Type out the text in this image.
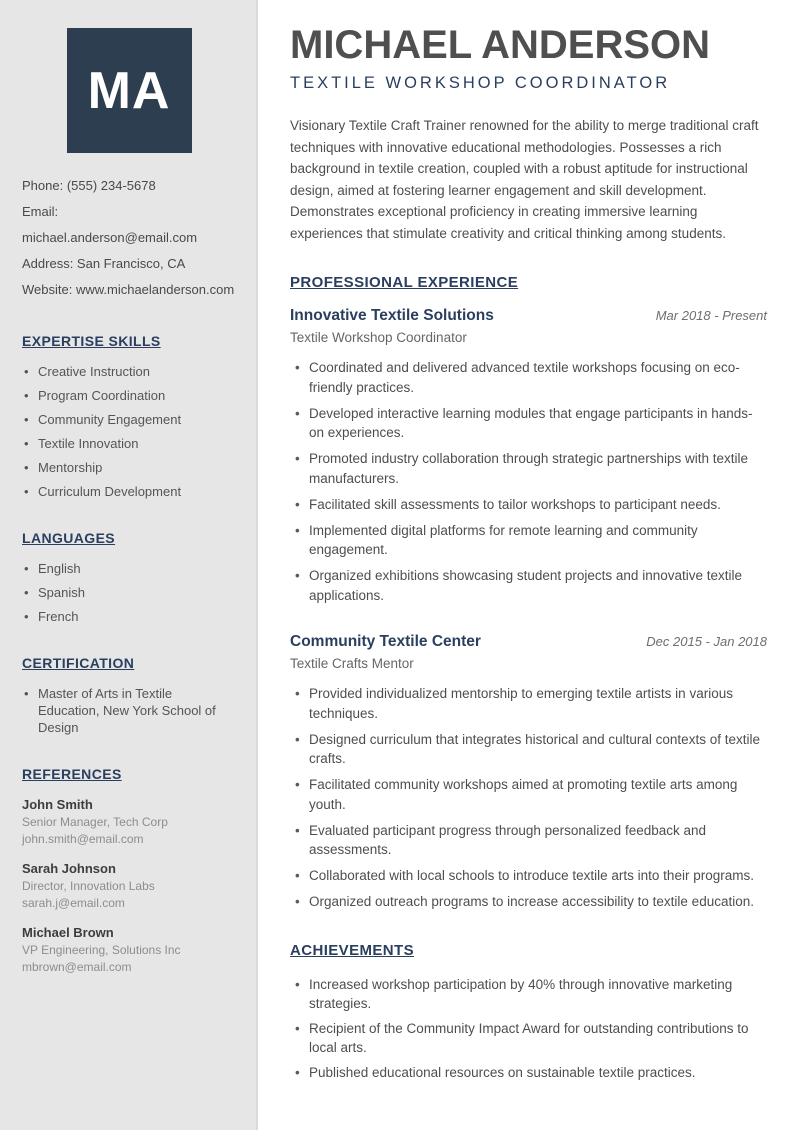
MA
Phone: (555) 234-5678
Email: michael.anderson@email.com
Address: San Francisco, CA
Website: www.michaelanderson.com
EXPERTISE SKILLS
• Creative Instruction
• Program Coordination
• Community Engagement
• Textile Innovation
• Mentorship
• Curriculum Development
LANGUAGES
• English
• Spanish
• French
CERTIFICATION
• Master of Arts in Textile Education, New York School of Design
REFERENCES
John Smith
Senior Manager, Tech Corp
john.smith@email.com
Sarah Johnson
Director, Innovation Labs
sarah.j@email.com
Michael Brown
VP Engineering, Solutions Inc
mbrown@email.com
MICHAEL ANDERSON
TEXTILE WORKSHOP COORDINATOR

Visionary Textile Craft Trainer renowned for the ability to merge traditional craft techniques with innovative educational methodologies. Possesses a rich background in textile creation, coupled with a robust aptitude for instructional design, aimed at fostering learner engagement and skill development. Demonstrates exceptional proficiency in creating immersive learning experiences that stimulate creativity and critical thinking among students.

PROFESSIONAL EXPERIENCE
Innovative Textile Solutions	Mar 2018 - Present
Textile Workshop Coordinator
• Coordinated and delivered advanced textile workshops focusing on eco-friendly practices.
• Developed interactive learning modules that engage participants in hands-on experiences.
• Promoted industry collaboration through strategic partnerships with textile manufacturers.
• Facilitated skill assessments to tailor workshops to participant needs.
• Implemented digital platforms for remote learning and community engagement.
• Organized exhibitions showcasing student projects and innovative textile applications.
Community Textile Center	Dec 2015 - Jan 2018
Textile Crafts Mentor
• Provided individualized mentorship to emerging textile artists in various techniques.
• Designed curriculum that integrates historical and cultural contexts of textile crafts.
• Facilitated community workshops aimed at promoting textile arts among youth.
• Evaluated participant progress through personalized feedback and assessments.
• Collaborated with local schools to introduce textile arts into their programs.
• Organized outreach programs to increase accessibility to textile education.
ACHIEVEMENTS
• Increased workshop participation by 40% through innovative marketing strategies.
• Recipient of the Community Impact Award for outstanding contributions to local arts.
• Published educational resources on sustainable textile practices.
